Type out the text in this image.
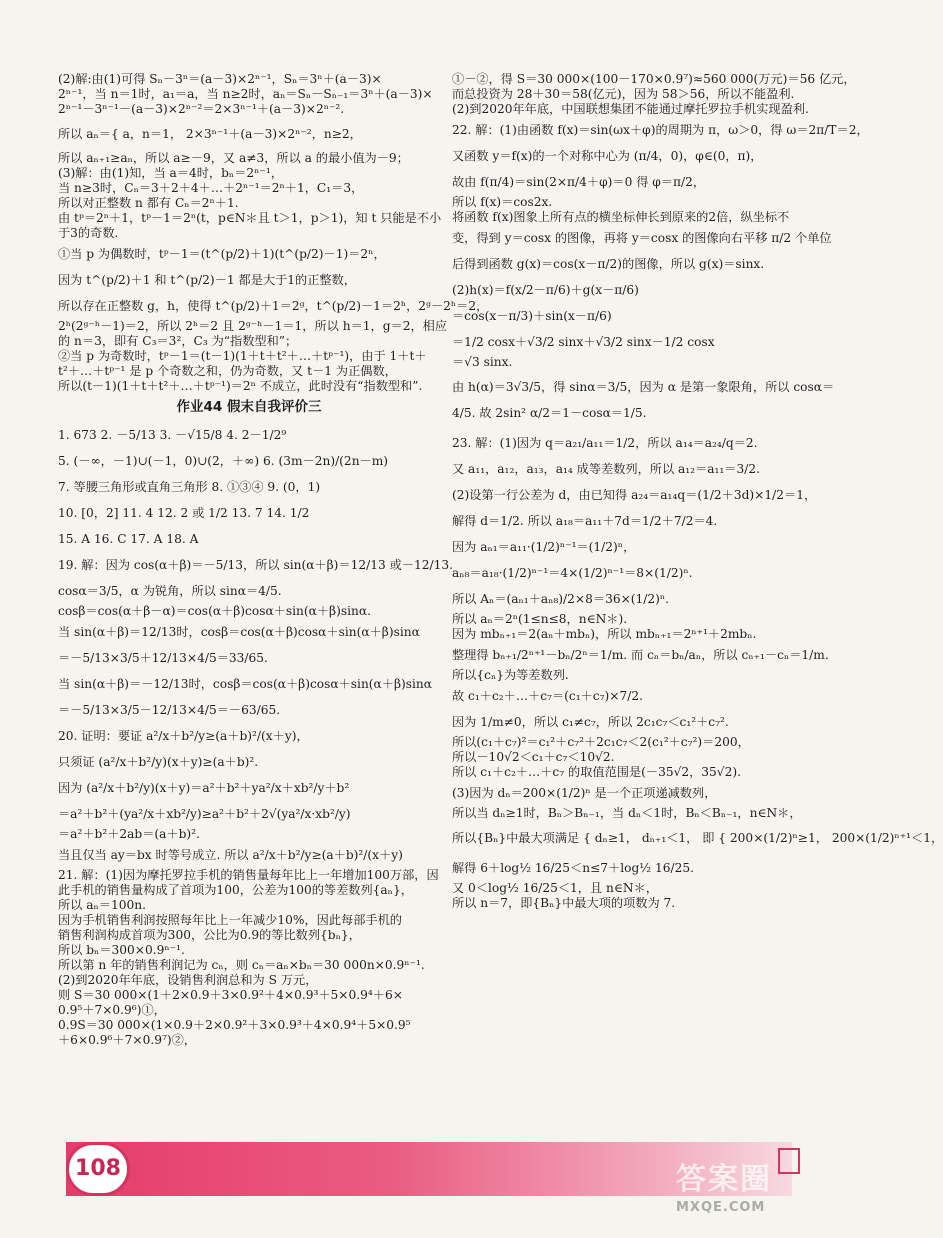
(2)解:由(1)可得 Sₙ－3ⁿ＝(a－3)×2ⁿ⁻¹，Sₙ＝3ⁿ＋(a－3)×
2ⁿ⁻¹，当 n＝1时，a₁＝a，当 n≥2时，aₙ＝Sₙ－Sₙ₋₁＝3ⁿ＋(a－3)×
2ⁿ⁻¹－3ⁿ⁻¹－(a－3)×2ⁿ⁻²＝2×3ⁿ⁻¹＋(a－3)×2ⁿ⁻².
所以 aₙ＝{ a，n＝1， 2×3ⁿ⁻¹＋(a－3)×2ⁿ⁻²，n≥2，
所以 aₙ₊₁≥aₙ，所以 a≥－9，又 a≠3，所以 a 的最小值为－9；
(3)解：由(1)知，当 a＝4时，bₙ＝2ⁿ⁻¹，
当 n≥3时，Cₙ＝3＋2＋4＋…＋2ⁿ⁻¹＝2ⁿ＋1，C₁＝3，
所以对正整数 n 都有 Cₙ＝2ⁿ＋1.
由 tᵖ＝2ⁿ＋1，tᵖ－1＝2ⁿ(t，p∈N＊且 t＞1，p＞1)，知 t 只能是不小
于3的奇数.
①当 p 为偶数时，tᵖ－1＝(t^(p/2)＋1)(t^(p/2)－1)＝2ⁿ，
因为 t^(p/2)＋1 和 t^(p/2)－1 都是大于1的正整数，
所以存在正整数 g，h，使得 t^(p/2)＋1＝2ᵍ，t^(p/2)－1＝2ʰ，2ᵍ－2ʰ＝2，
2ʰ(2ᵍ⁻ʰ－1)＝2，所以 2ʰ＝2 且 2ᵍ⁻ʰ－1＝1，所以 h＝1，g＝2，相应
的 n＝3，即有 C₃＝3²，C₃ 为“指数型和”；
②当 p 为奇数时，tᵖ－1＝(t－1)(1＋t＋t²＋…＋tᵖ⁻¹)，由于 1＋t＋
t²＋…＋tᵖ⁻¹ 是 p 个奇数之和，仍为奇数，又 t－1 为正偶数，
所以(t－1)(1＋t＋t²＋…＋tᵖ⁻¹)＝2ⁿ 不成立，此时没有“指数型和”.
作业44 假末自我评价三
1. 673 2. －5/13 3. －√15/8 4. 2－1/2⁹
5. (－∞，－1)∪(－1，0)∪(2，＋∞) 6. (3m－2n)/(2n－m)
7. 等腰三角形或直角三角形 8. ①③④ 9. (0，1)
10. [0，2] 11. 4 12. 2 或 1/2 13. 7 14. 1/2
15. A 16. C 17. A 18. A
19. 解：因为 cos(α＋β)＝－5/13，所以 sin(α＋β)＝12/13 或－12/13.
cosα＝3/5，α 为锐角，所以 sinα＝4/5.
cosβ＝cos(α＋β－α)＝cos(α＋β)cosα＋sin(α＋β)sinα.
当 sin(α＋β)＝12/13时，cosβ＝cos(α＋β)cosα＋sin(α＋β)sinα
＝－5/13×3/5＋12/13×4/5＝33/65.
当 sin(α＋β)＝－12/13时，cosβ＝cos(α＋β)cosα＋sin(α＋β)sinα
＝－5/13×3/5－12/13×4/5＝－63/65.
20. 证明：要证 a²/x＋b²/y≥(a＋b)²/(x＋y)，
只须证 (a²/x＋b²/y)(x＋y)≥(a＋b)².
因为 (a²/x＋b²/y)(x＋y)＝a²＋b²＋ya²/x＋xb²/y＋b²
＝a²＋b²＋(ya²/x＋xb²/y)≥a²＋b²＋2√(ya²/x·xb²/y)
＝a²＋b²＋2ab＝(a＋b)².
当且仅当 ay＝bx 时等号成立. 所以 a²/x＋b²/y≥(a＋b)²/(x＋y)
21. 解：(1)因为摩托罗拉手机的销售量每年比上一年增加100万部，因
此手机的销售量构成了首项为100，公差为100的等差数列{aₙ}，
所以 aₙ＝100n.
因为手机销售利润按照每年比上一年减少10%，因此每部手机的
销售利润构成首项为300，公比为0.9的等比数列{bₙ}，
所以 bₙ＝300×0.9ⁿ⁻¹.
所以第 n 年的销售利润记为 cₙ，则 cₙ＝aₙ×bₙ＝30 000n×0.9ⁿ⁻¹.
(2)到2020年年底，设销售利润总和为 S 万元，
则 S＝30 000×(1＋2×0.9＋3×0.9²＋4×0.9³＋5×0.9⁴＋6×
0.9⁵＋7×0.9⁶)①，
0.9S＝30 000×(1×0.9＋2×0.9²＋3×0.9³＋4×0.9⁴＋5×0.9⁵
＋6×0.9⁶＋7×0.9⁷)②，
①－②，得 S＝30 000×(100－170×0.9⁷)≈560 000(万元)＝56 亿元，
而总投资为 28＋30＝58(亿元)，因为 58＞56，所以不能盈利.
(2)到2020年年底，中国联想集团不能通过摩托罗拉手机实现盈利.
22. 解：(1)由函数 f(x)＝sin(ωx＋φ)的周期为 π，ω＞0，得 ω＝2π/T＝2，
又函数 y＝f(x)的一个对称中心为 (π/4，0)，φ∈(0，π)，
故由 f(π/4)＝sin(2×π/4＋φ)＝0 得 φ＝π/2，
所以 f(x)＝cos2x.
将函数 f(x)图象上所有点的横坐标伸长到原来的2倍，纵坐标不
变，得到 y＝cosx 的图像，再将 y＝cosx 的图像向右平移 π/2 个单位
后得到函数 g(x)＝cos(x－π/2)的图像，所以 g(x)＝sinx.
(2)h(x)＝f(x/2－π/6)＋g(x－π/6)
＝cos(x－π/3)＋sin(x－π/6)
＝1/2 cosx＋√3/2 sinx＋√3/2 sinx－1/2 cosx
＝√3 sinx.
由 h(α)＝3√3/5，得 sinα＝3/5，因为 α 是第一象限角，所以 cosα＝
4/5. 故 2sin² α/2＝1－cosα＝1/5.
23. 解：(1)因为 q＝a₂₁/a₁₁＝1/2，所以 a₁₄＝a₂₄/q＝2.
又 a₁₁，a₁₂，a₁₃，a₁₄ 成等差数列，所以 a₁₂＝a₁₁＝3/2.
(2)设第一行公差为 d，由已知得 a₂₄＝a₁₄q＝(1/2＋3d)×1/2＝1，
解得 d＝1/2. 所以 a₁₈＝a₁₁＋7d＝1/2＋7/2＝4.
因为 aₙ₁＝a₁₁·(1/2)ⁿ⁻¹＝(1/2)ⁿ，
aₙ₈＝a₁₈·(1/2)ⁿ⁻¹＝4×(1/2)ⁿ⁻¹＝8×(1/2)ⁿ.
所以 Aₙ＝(aₙ₁＋aₙ₈)/2×8＝36×(1/2)ⁿ.
所以 aₙ＝2ⁿ(1≤n≤8，n∈N＊).
因为 mbₙ₊₁＝2(aₙ＋mbₙ)，所以 mbₙ₊₁＝2ⁿ⁺¹＋2mbₙ.
整理得 bₙ₊₁/2ⁿ⁺¹－bₙ/2ⁿ＝1/m. 而 cₙ＝bₙ/aₙ，所以 cₙ₊₁－cₙ＝1/m.
所以{cₙ}为等差数列.
故 c₁＋c₂＋…＋c₇＝(c₁＋c₇)×7/2.
因为 1/m≠0，所以 c₁≠c₇，所以 2c₁c₇＜c₁²＋c₇².
所以(c₁＋c₇)²＝c₁²＋c₇²＋2c₁c₇＜2(c₁²＋c₇²)＝200，
所以－10√2＜c₁＋c₇＜10√2.
所以 c₁＋c₂＋…＋c₇ 的取值范围是(－35√2，35√2).
(3)因为 dₙ＝200×(1/2)ⁿ 是一个正项递减数列，
所以当 dₙ≥1时，Bₙ＞Bₙ₋₁，当 dₙ＜1时，Bₙ＜Bₙ₋₁，n∈N＊，
所以{Bₙ}中最大项满足 { dₙ≥1， dₙ₊₁＜1， 即 { 200×(1/2)ⁿ≥1， 200×(1/2)ⁿ⁺¹＜1，
解得 6＋log½ 16/25＜n≤7＋log½ 16/25.
又 0＜log½ 16/25＜1，且 n∈N＊，
所以 n＝7，即{Bₙ}中最大项的项数为 7.
108	答案圈
MXQE.COM
